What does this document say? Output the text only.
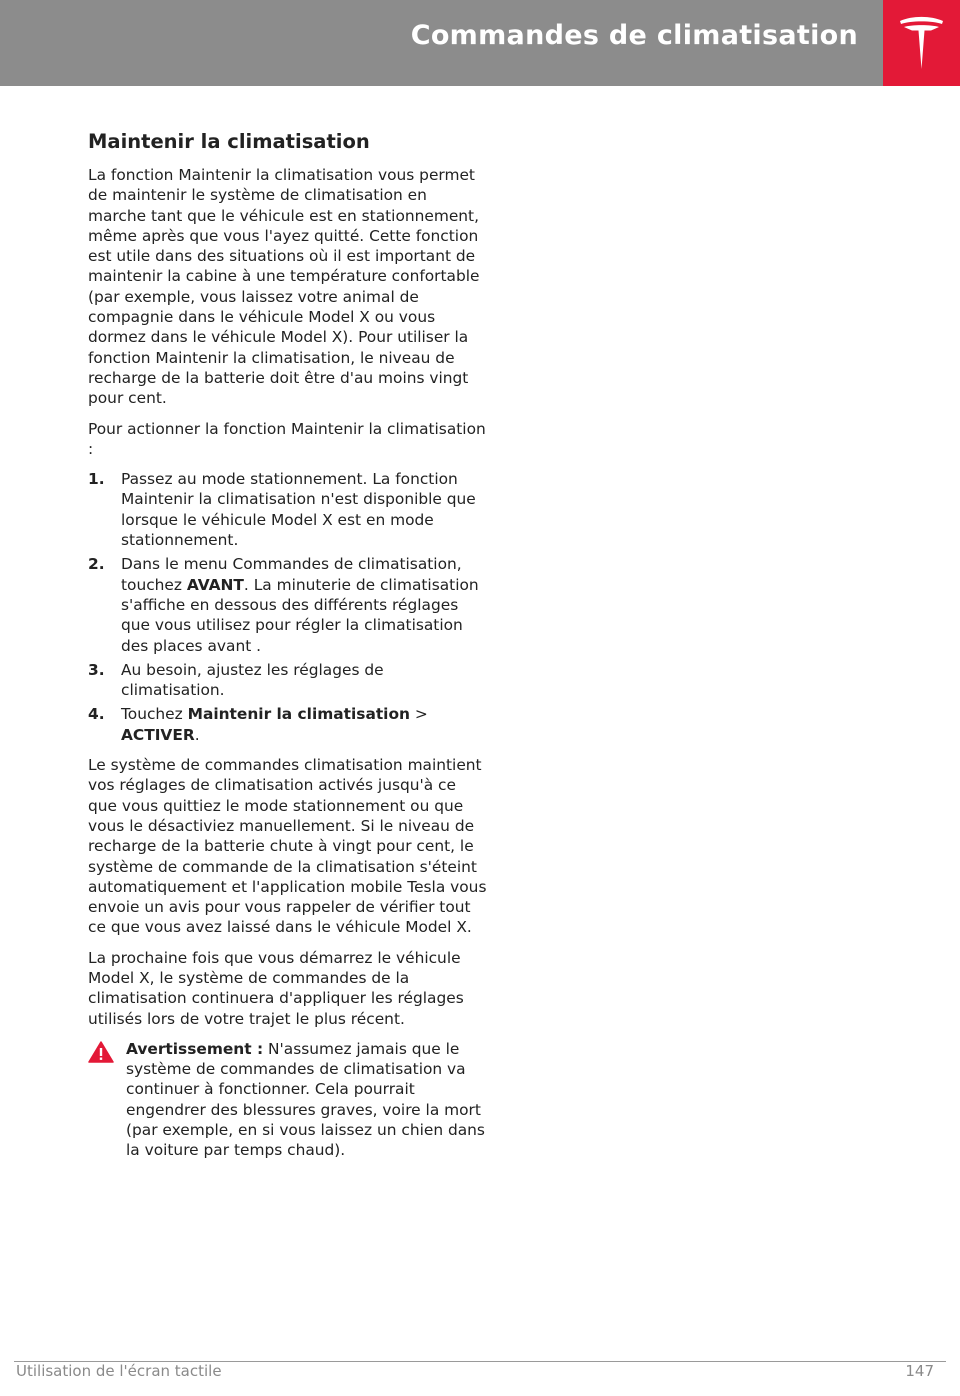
Commandes de climatisation
Maintenir la climatisation

La fonction Maintenir la climatisation vous permet de maintenir le système de climatisation en marche tant que le véhicule est en stationnement, même après que vous l'ayez quitté. Cette fonction est utile dans des situations où il est important de maintenir la cabine à une température confortable (par exemple, vous laissez votre animal de compagnie dans le véhicule Model X ou vous dormez dans le véhicule Model X). Pour utiliser la fonction Maintenir la climatisation, le niveau de recharge de la batterie doit être d'au moins vingt pour cent.

Pour actionner la fonction Maintenir la climatisation :

1. Passez au mode stationnement. La fonction Maintenir la climatisation n'est disponible que lorsque le véhicule Model X est en mode stationnement.
2. Dans le menu Commandes de climatisation, touchez AVANT. La minuterie de climatisation s'affiche en dessous des différents réglages que vous utilisez pour régler la climatisation des places avant .
3. Au besoin, ajustez les réglages de climatisation.
4. Touchez Maintenir la climatisation > ACTIVER.

Le système de commandes climatisation maintient vos réglages de climatisation activés jusqu'à ce que vous quittiez le mode stationnement ou que vous le désactiviez manuellement. Si le niveau de recharge de la batterie chute à vingt pour cent, le système de commande de la climatisation s'éteint automatiquement et l'application mobile Tesla vous envoie un avis pour vous rappeler de vérifier tout ce que vous avez laissé dans le véhicule Model X.

La prochaine fois que vous démarrez le véhicule Model X, le système de commandes de la climatisation continuera d'appliquer les réglages utilisés lors de votre trajet le plus récent.

Avertissement : N'assumez jamais que le système de commandes de climatisation va continuer à fonctionner. Cela pourrait engendrer des blessures graves, voire la mort (par exemple, en si vous laissez un chien dans la voiture par temps chaud).
Utilisation de l'écran tactile	147
